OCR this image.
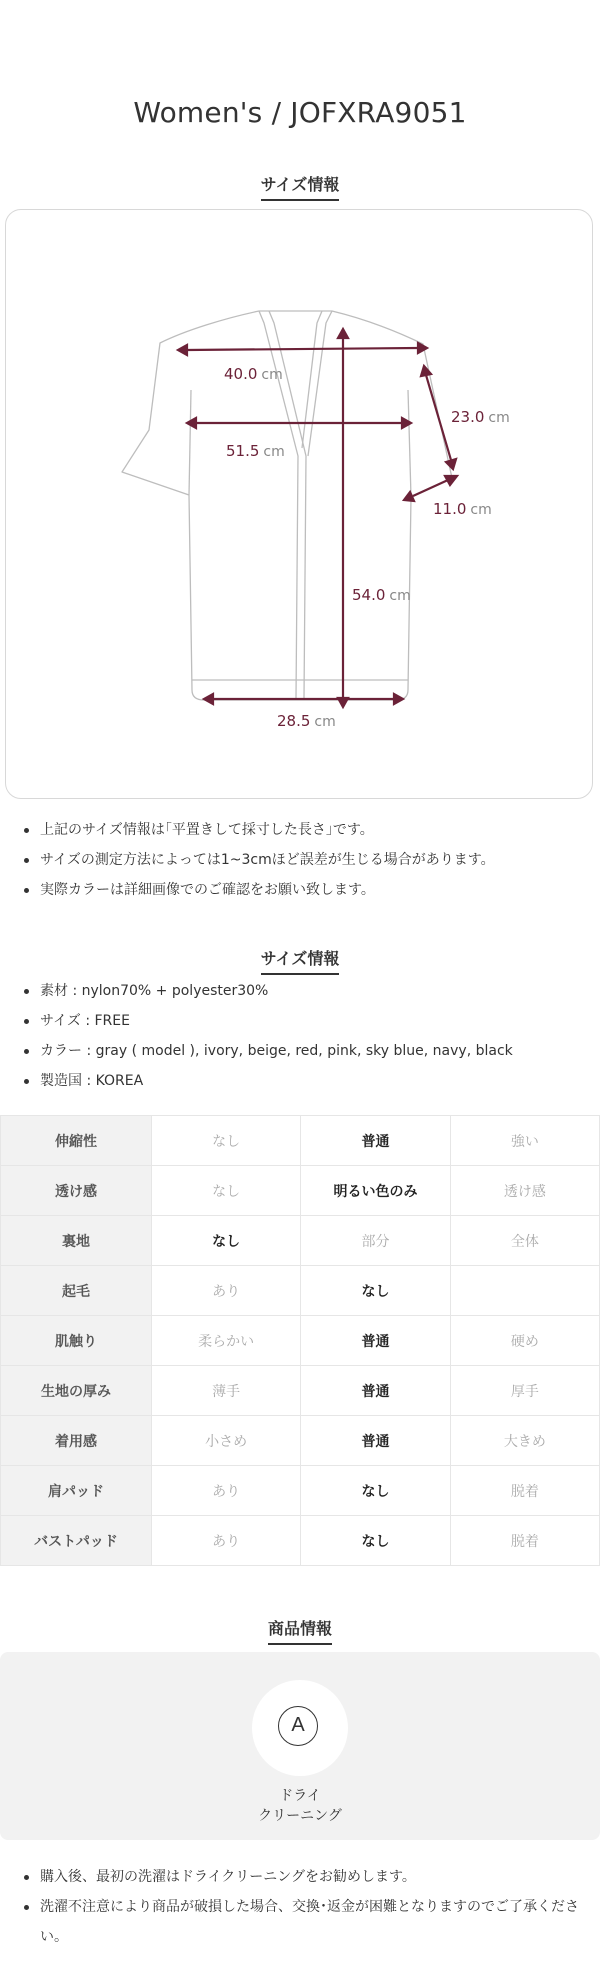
Women's / JOFXRA9051
サイズ情報
40.0 cm
51.5 cm
23.0 cm
11.0 cm
54.0 cm
28.5 cm
上記のサイズ情報は｢平置きして採寸した長さ｣です。
サイズの測定方法によっては1~3cmほど誤差が生じる場合があります。
実際カラーは詳細画像でのご確認をお願い致します。
サイズ情報
素材 : nylon70% + polyester30%
サイズ : FREE
カラー : gray ( model ), ivory, beige, red, pink, sky blue, navy, black
製造国 : KOREA
伸縮性	なし	普通	強い
透け感	なし	明るい色のみ	透け感
裏地	なし	部分	全体
起毛	あり	なし	
肌触り	柔らかい	普通	硬め
生地の厚み	薄手	普通	厚手
着用感	小さめ	普通	大きめ
肩パッド	あり	なし	脱着
バストパッド	あり	なし	脱着
商品情報
A
ドライ
クリーニング
購入後、最初の洗濯はドライクリーニングをお勧めします。
洗濯不注意により商品が破損した場合、交換･返金が困難となりますのでご了承ください。
